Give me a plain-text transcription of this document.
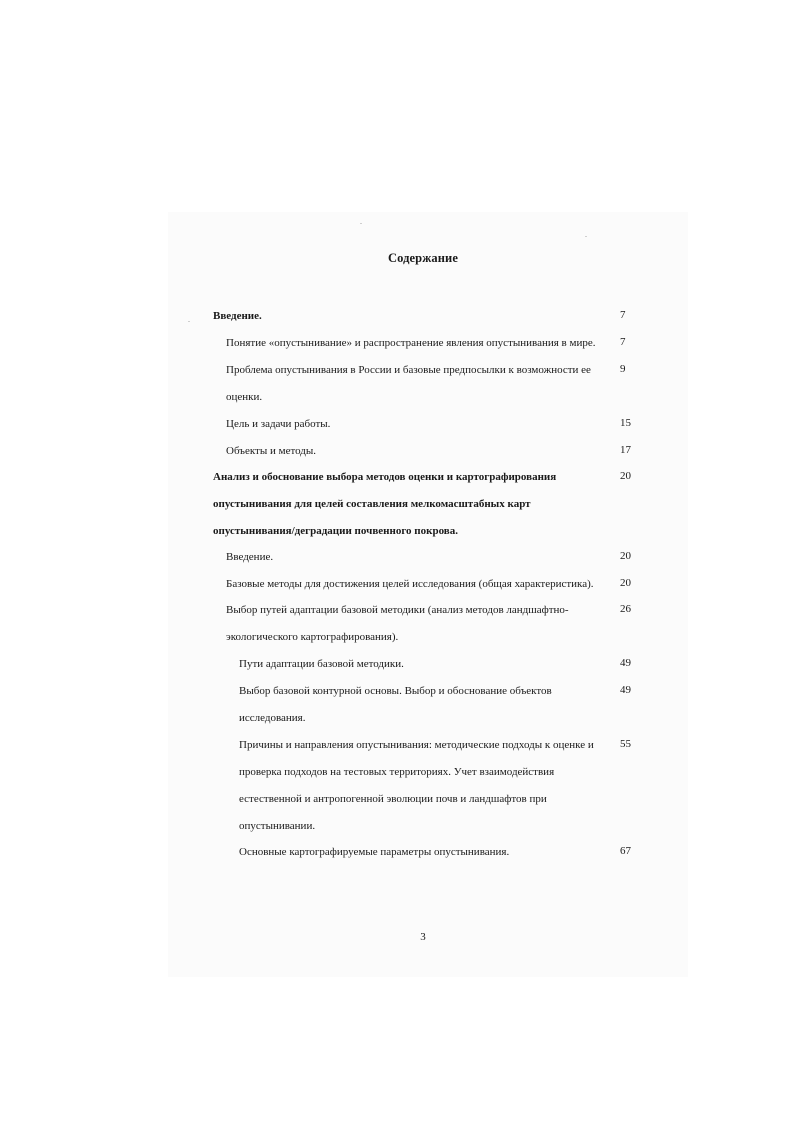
Содержание
Введение.	7
Понятие «опустынивание» и распространение явления опустынивания в мире. 7
Проблема опустынивания в России и базовые предпосылки к возможности ее
оценки.
9
Цель и задачи работы.	15
Объекты и методы.	17
Анализ и обоснование выбора методов оценки и картографирования
опустынивания для целей составления мелкомасштабных карт
опустынивания/деградации почвенного покрова.
20
Введение.	20
Базовые методы для достижения целей исследования (общая характеристика). 20
Выбор путей адаптации базовой методики (анализ методов ландшафтно-
экологического картографирования).
26
Пути адаптации базовой методики.	49
Выбор базовой контурной основы. Выбор и обоснование объектов
исследования.
49
Причины и направления опустынивания: методические подходы к оценке и
проверка подходов на тестовых территориях. Учет взаимодействия
естественной и антропогенной эволюции почв и ландшафтов при
опустынивании.
55
Основные картографируемые параметры опустынивания.	67
3
